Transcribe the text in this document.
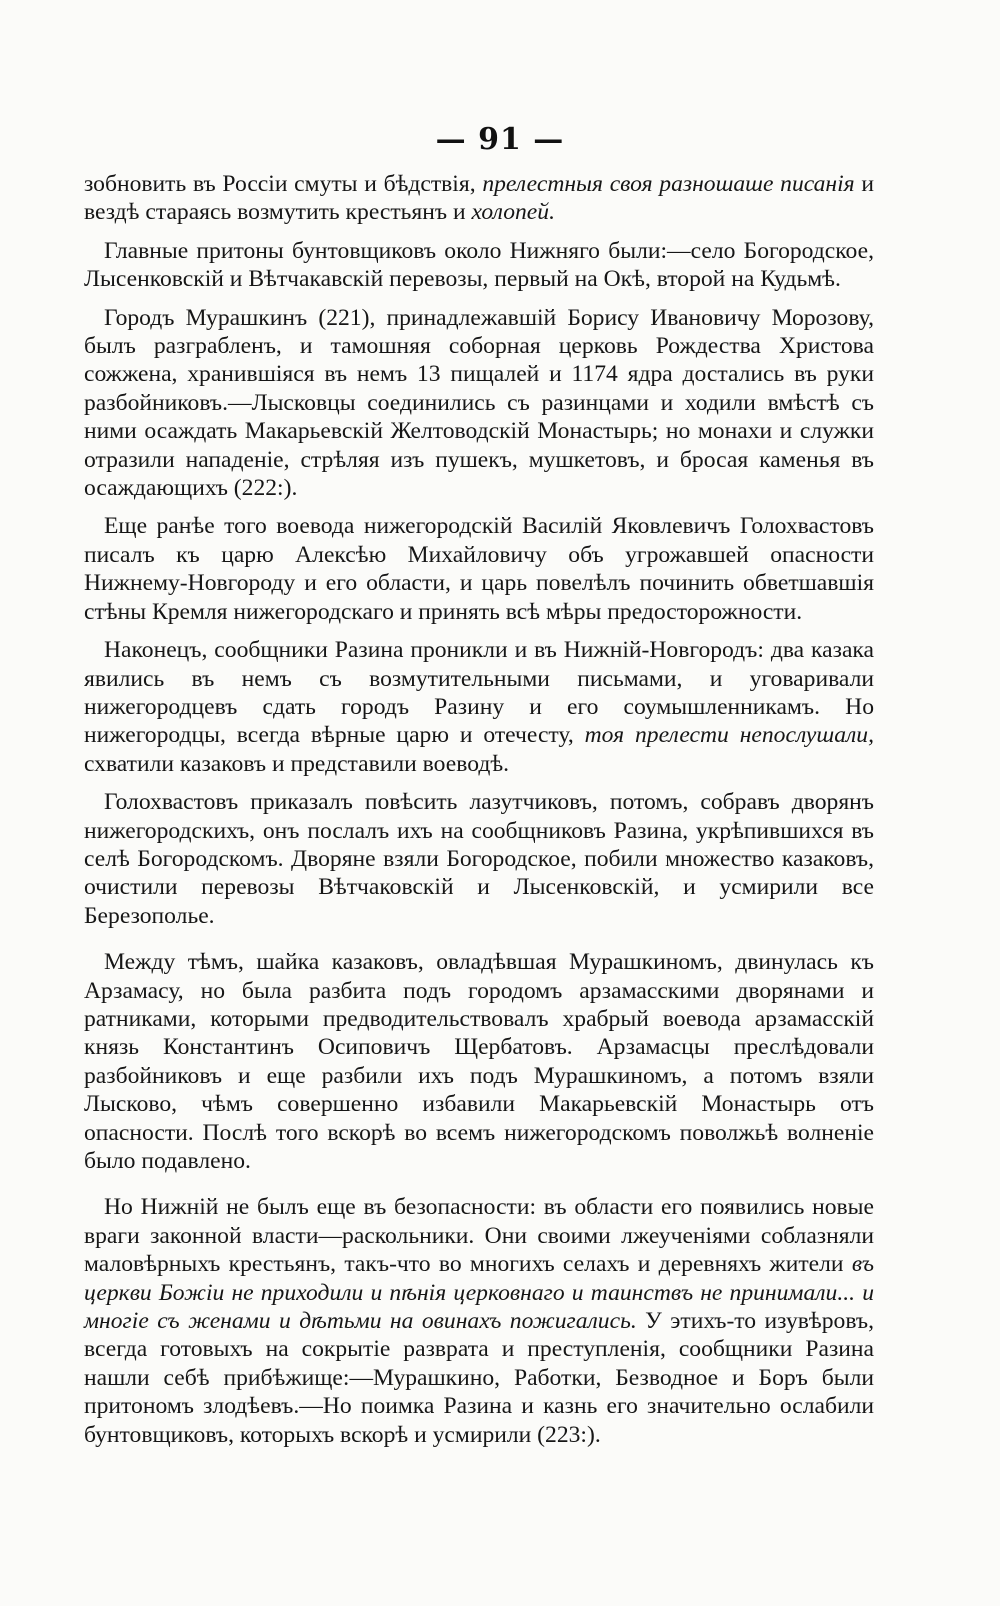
— 91 —

зобновить въ Россіи смуты и бѣдствія, прелестныя своя разношаше писанія и вездѣ стараясь возмутить крестьянъ и холопей.

Главные притоны бунтовщиковъ около Нижняго были:—село Богородское, Лысенковскій и Вѣтчакавскій перевозы, первый на Окѣ, второй на Кудьмѣ.

Городъ Мурашкинъ (221), принадлежавшій Борису Ивановичу Морозову, былъ разграбленъ, и тамошняя соборная церковь Рождества Христова сожжена, хранившіяся въ немъ 13 пищалей и 1174 ядра достались въ руки разбойниковъ.—Лысковцы соединились съ разинцами и ходили вмѣстѣ съ ними осаждать Макарьевскій Желтоводскій Монастырь; но монахи и служки отразили нападеніе, стрѣляя изъ пушекъ, мушкетовъ, и бросая каменья въ осаждающихъ (222:).

Еще ранѣе того воевода нижегородскій Василій Яковлевичъ Голохвастовъ писалъ къ царю Алексѣю Михайловичу объ угрожавшей опасности Нижнему-Новгороду и его области, и царь повелѣлъ починить обветшавшія стѣны Кремля нижегородскаго и принять всѣ мѣры предосторожности.

Наконецъ, сообщники Разина проникли и въ Нижній-Новгородъ: два казака явились въ немъ съ возмутительными письмами, и уговаривали нижегородцевъ сдать городъ Разину и его соумышленникамъ. Но нижегородцы, всегда вѣрные царю и отечесту, тоя прелести непослушали, схватили казаковъ и представили воеводѣ.

Голохвастовъ приказалъ повѣсить лазутчиковъ, потомъ, собравъ дворянъ нижегородскихъ, онъ послалъ ихъ на сообщниковъ Разина, укрѣпившихся въ селѣ Богородскомъ. Дворяне взяли Богородское, побили множество казаковъ, очистили перевозы Вѣтчаковскій и Лысенковскій, и усмирили все Березополье.

Между тѣмъ, шайка казаковъ, овладѣвшая Мурашкиномъ, двинулась къ Арзамасу, но была разбита подъ городомъ арзамасскими дворянами и ратниками, которыми предводительствовалъ храбрый воевода арзамасскій князь Константинъ Осиповичъ Щербатовъ. Арзамасцы преслѣдовали разбойниковъ и еще разбили ихъ подъ Мурашкиномъ, а потомъ взяли Лысково, чѣмъ совершенно избавили Макарьевскій Монастырь отъ опасности. Послѣ того вскорѣ во всемъ нижегородскомъ поволжьѣ волненіе было подавлено.

Но Нижній не былъ еще въ безопасности: въ области его появились новые враги законной власти—раскольники. Они своими лжеученіями соблазняли маловѣрныхъ крестьянъ, такъ-что во многихъ селахъ и деревняхъ жители въ церкви Божіи не приходили и пѣнія церковнаго и таинствъ не принимали... и многіе съ женами и дѣтьми на овинахъ пожигались. У этихъ-то изувѣровъ, всегда готовыхъ на сокрытіе разврата и преступленія, сообщники Разина нашли себѣ прибѣжище:—Мурашкино, Работки, Безводное и Боръ были притономъ злодѣевъ.—Но поимка Разина и казнь его значительно ослабили бунтовщиковъ, которыхъ вскорѣ и усмирили (223:).
